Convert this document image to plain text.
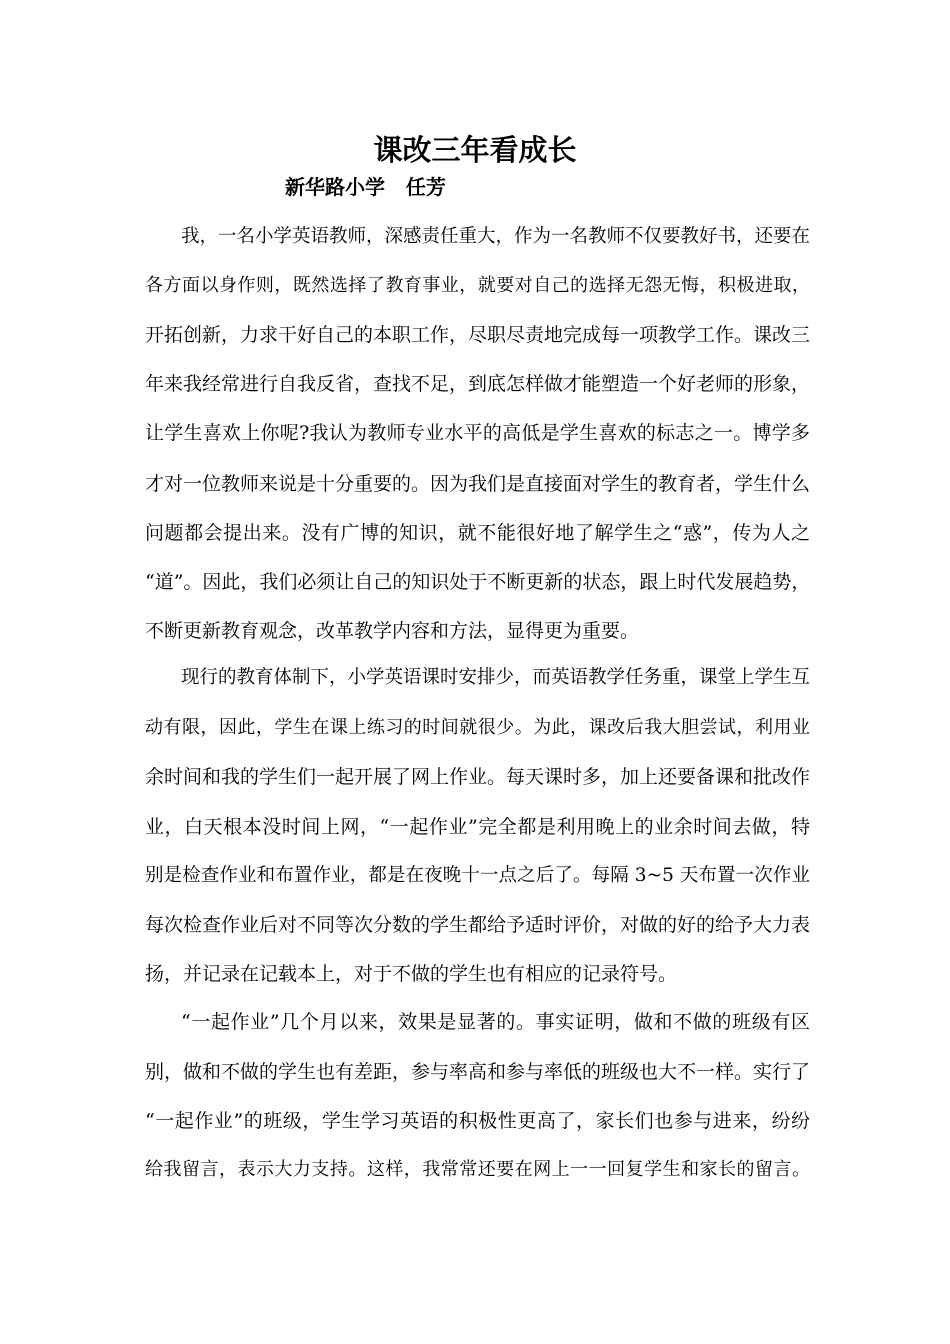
课改三年看成长
新华路小学   任芳
我，一名小学英语教师，深感责任重大，作为一名教师不仅要教好书，还要在
各方面以身作则，既然选择了教育事业，就要对自己的选择无怨无悔，积极进取，
开拓创新，力求干好自己的本职工作，尽职尽责地完成每一项教学工作。课改三
年来我经常进行自我反省，查找不足，到底怎样做才能塑造一个好老师的形象，
让学生喜欢上你呢?我认为教师专业水平的高低是学生喜欢的标志之一。博学多
才对一位教师来说是十分重要的。因为我们是直接面对学生的教育者，学生什么
问题都会提出来。没有广博的知识，就不能很好地了解学生之“惑”，传为人之
“道”。因此，我们必须让自己的知识处于不断更新的状态，跟上时代发展趋势，
不断更新教育观念，改革教学内容和方法，显得更为重要。
现行的教育体制下，小学英语课时安排少，而英语教学任务重，课堂上学生互
动有限，因此，学生在课上练习的时间就很少。为此，课改后我大胆尝试，利用业
余时间和我的学生们一起开展了网上作业。每天课时多，加上还要备课和批改作
业，白天根本没时间上网，“一起作业”完全都是利用晚上的业余时间去做，特
别是检查作业和布置作业，都是在夜晚十一点之后了。每隔 3~5 天布置一次作业
每次检查作业后对不同等次分数的学生都给予适时评价，对做的好的给予大力表
扬，并记录在记载本上，对于不做的学生也有相应的记录符号。
“一起作业”几个月以来，效果是显著的。事实证明，做和不做的班级有区
别，做和不做的学生也有差距，参与率高和参与率低的班级也大不一样。实行了
“一起作业”的班级，学生学习英语的积极性更高了，家长们也参与进来，纷纷
给我留言，表示大力支持。这样，我常常还要在网上一一回复学生和家长的留言。
